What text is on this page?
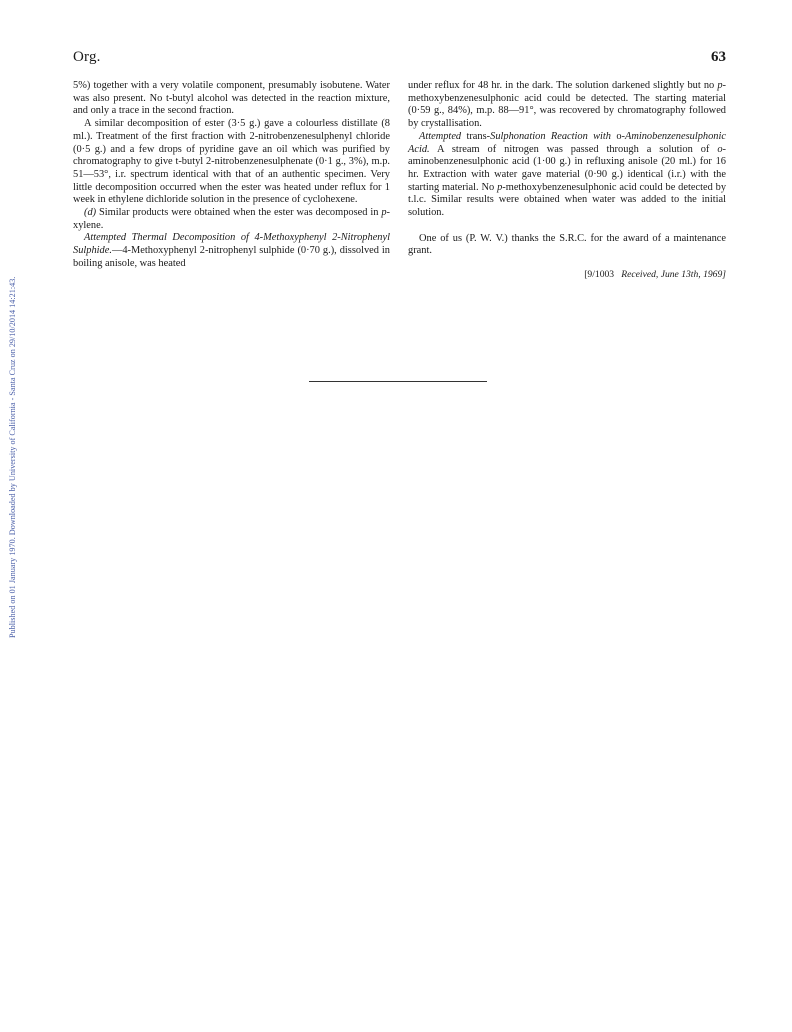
Published on 01 January 1970. Downloaded by University of California - Santa Cruz on 29/10/2014 14:21:43.
Org.	63

5%) together with a very volatile component, presumably isobutene. Water was also present. No t-butyl alcohol was detected in the reaction mixture, and only a trace in the second fraction.

A similar decomposition of ester (3·5 g.) gave a colourless distillate (8 ml.). Treatment of the first fraction with 2-nitrobenzenesulphenyl chloride (0·5 g.) and a few drops of pyridine gave an oil which was purified by chromatography to give t-butyl 2-nitrobenzenesulphenate (0·1 g., 3%), m.p. 51—53°, i.r. spectrum identical with that of an authentic specimen. Very little decomposition occurred when the ester was heated under reflux for 1 week in ethylene dichloride solution in the presence of cyclohexene.

(d) Similar products were obtained when the ester was decomposed in p-xylene.

Attempted Thermal Decomposition of 4-Methoxyphenyl 2-Nitrophenyl Sulphide.—4-Methoxyphenyl 2-nitrophenyl sulphide (0·70 g.), dissolved in boiling anisole, was heated

under reflux for 48 hr. in the dark. The solution darkened slightly but no p-methoxybenzenesulphonic acid could be detected. The starting material (0·59 g., 84%), m.p. 88—91°, was recovered by chromatography followed by crystallisation.

Attempted trans-Sulphonation Reaction with o-Aminobenzenesulphonic Acid. A stream of nitrogen was passed through a solution of o-aminobenzenesulphonic acid (1·00 g.) in refluxing anisole (20 ml.) for 16 hr. Extraction with water gave material (0·90 g.) identical (i.r.) with the starting material. No p-methoxybenzenesulphonic acid could be detected by t.l.c. Similar results were obtained when water was added to the initial solution.

One of us (P. W. V.) thanks the S.R.C. for the award of a maintenance grant.

[9/1003 Received, June 13th, 1969]
